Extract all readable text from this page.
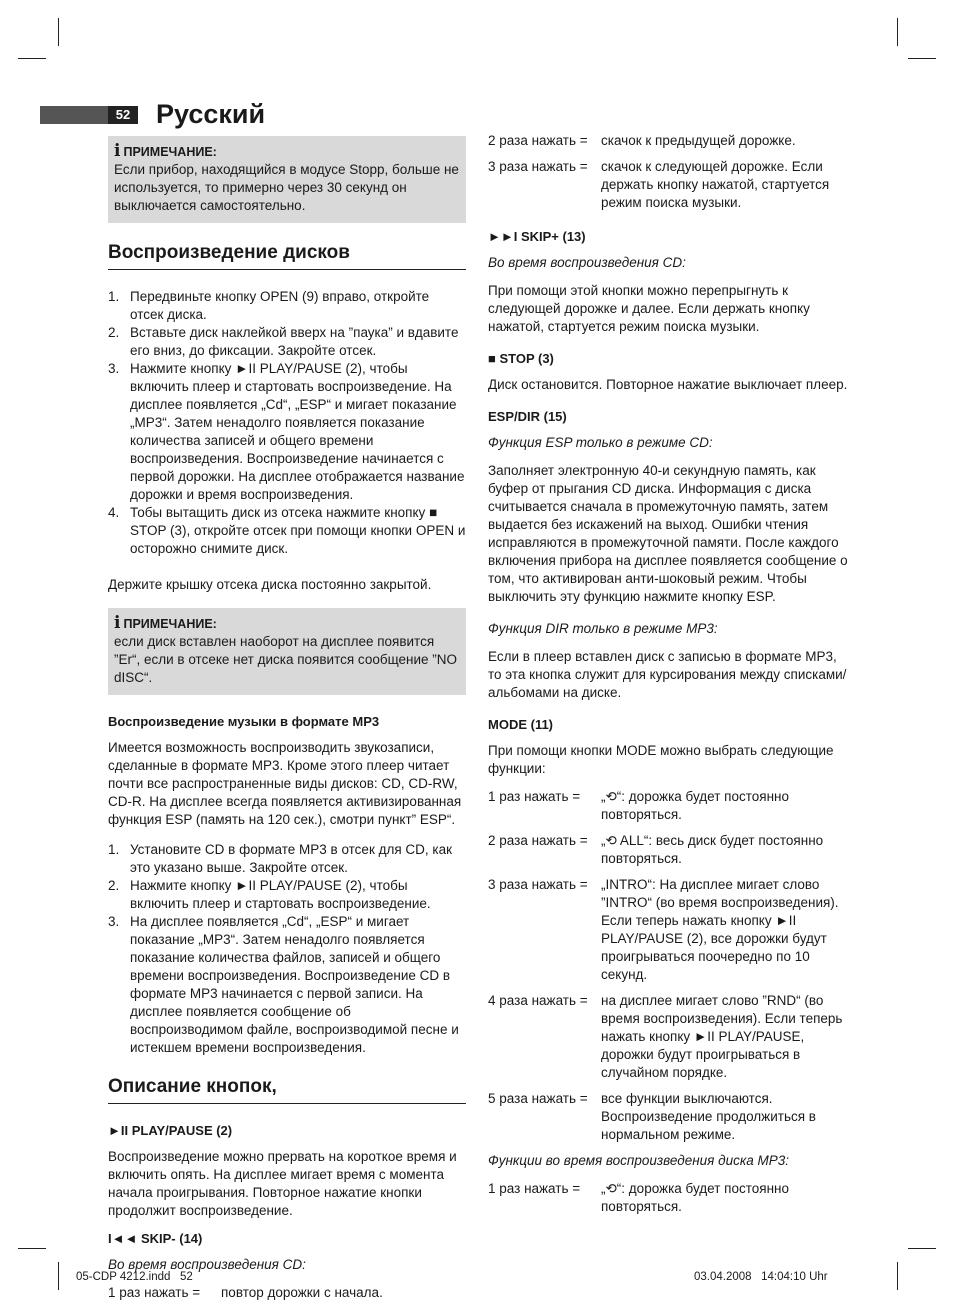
52 Русский
i ПРИМЕЧАНИЕ:

Если прибор, находящийся в модусе Stopp, больше не используется, то примерно через 30 секунд он выключается самостоятельно.

Воспроизведение дисков
1. Передвиньте кнопку OPEN (9) вправо, откройте отсек диска.
2. Вставьте диск наклейкой вверх на ”паука” и вдавите его вниз, до фиксации. Закройте отсек.
3. Нажмите кнопку ►II PLAY/PAUSE (2), чтобы включить плеер и стартовать воспроизведение. На дисплее появляется „Cd“, „ESP“ и мигает показание „MP3“. Затем ненадолго появляется показание количества записей и общего времени воспроизведения. Воспроизведение начинается с первой дорожки. На дисплее отображается название дорожки и время воспроизведения.
4. Тобы вытащить диск из отсека нажмите кнопку ■ STOP (3), откройте отсек при помощи кнопки OPEN и осторожно снимите диск.

Держите крышку отсека диска постоянно закрытой.

i ПРИМЕЧАНИЕ:

если диск вставлен наоборот на дисплее появится ”Er“, если в отсеке нет диска появится сообщение ”NO dISC“.

Воспроизведение музыки в формате MP3

Имеется возможность воспроизводить звукозаписи, сделанные в формате MP3. Кроме этого плеер читает почти все распространенные виды дисков: CD, CD-RW, CD-R. На дисплее всегда появляется активизированная функция ESP (память на 120 сек.), смотри пункт” ESP“.

1. Установите CD в формате MP3 в отсек для CD, как это указано выше. Закройте отсек.
2. Нажмите кнопку ►II PLAY/PAUSE (2), чтобы включить плеер и стартовать воспроизведение.
3. На дисплее появляется „Cd“, „ESP“ и мигает показание „MP3“. Затем ненадолго появляется показание количества файлов, записей и общего времени воспроизведения. Воспроизведение CD в формате MP3 начинается с первой записи. На дисплее появляется сообщение об воспроизводимом файле, воспроизводимой песне и истекшем времени воспроизведения.
Описание кнопок,
►II PLAY/PAUSE (2)

Воспроизведение можно прервать на короткое время и включить опять. На дисплее мигает время с момента начала проигрывания. Повторное нажатие кнопки продолжит воспроизведение.

I◄◄ SKIP- (14)

Во время воспроизведения CD:

1 раз нажать =	повтор дорожки с начала.
2 раза нажать = скачок к предыдущей дорожке.
3 раза нажать = скачок к следующей дорожке. Если держать кнопку нажатой, стартуется режим поиска музыки.
►►I SKIP+ (13)

Во время воспроизведения CD:

При помощи этой кнопки можно перепрыгнуть к следующей дорожке и далее. Если держать кнопку нажатой, стартуется режим поиска музыки.

■ STOP (3)

Диск остановится. Повторное нажатие выключает плеер.

ESP/DIR (15)

Функция ESP только в режиме CD:

Заполняет электронную 40-и секундную память, как буфер от прыгания CD диска. Информация с диска считывается сначала в промежуточную память, затем выдается без искажений на выход. Ошибки чтения исправляются в промежуточной памяти. После каждого включения прибора на дисплее появляется сообщение о том, что активирован анти-шоковый режим. Чтобы выключить эту функцию нажмите кнопку ESP.

Функция DIR только в режиме MP3:

Если в плеер вставлен диск с записью в формате MP3, то эта кнопка служит для курсирования между списками/ альбомами на диске.

MODE (11)

При помощи кнопки MODE можно выбрать следующие функции:

1 раз нажать =	„⟲“: дорожка будет постоянно повторяться.
2 раза нажать = „⟲ ALL“: весь диск будет постоянно повторяться.
3 раза нажать = „INTRO“: На дисплее мигает слово ”INTRO“ (во время воспроизведения). Если теперь нажать кнопку ►II PLAY/PAUSE (2), все дорожки будут проигрываться поочередно по 10 секунд.
4 раза нажать = на дисплее мигает слово ”RND“ (во время воспроизведения). Если теперь нажать кнопку ►II PLAY/PAUSE, дорожки будут проигрываться в случайном порядке.
5 раза нажать = все функции выключаются. Воспроизведение продолжиться в нормальном режиме.

Функции во время воспроизведения диска MP3:

1 раз нажать =	„⟲“: дорожка будет постоянно повторяться.
05-CDP 4212.indd   52	03.04.2008   14:04:10 Uhr
